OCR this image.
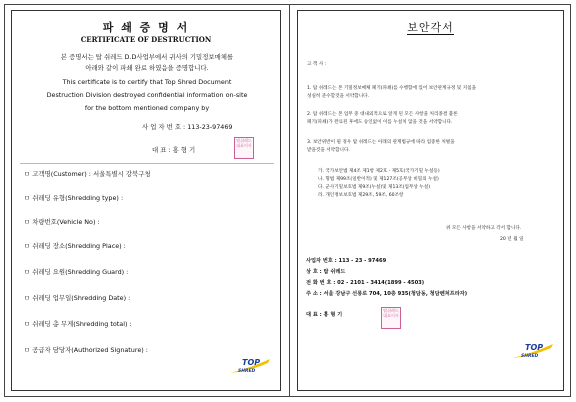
파 쇄 증 명 서
CERTIFICATE OF DESTRUCTION
본 증명서는 탑 쉬레드 D.D사업부에서 귀사의 기밀정보매체를
아래와 같이 파쇄 완료 하였음을 증명합니다.
This certificate is to certify that Top Shred Document
Destruction Division destroyed confidential information on-site
for the bottom mentioned company by
사 업 자 번 호 : 113-23-97469
대 표 : 홍 형 기
탑쉬레드 대표이사
ㅁ 고객명(Customer) : 서울특별시 강북구청
ㅁ 쉬레딩 유형(Shredding type) :
ㅁ 차량번호(Vehicle No) :
ㅁ 쉬레딩 장소(Shredding Place) :
ㅁ 쉬레딩 요원(Shredding Guard) :
ㅁ 쉬레딩 업무일(Shredding Date) :
ㅁ 쉬레딩 총 무게(Shredding total) :
ㅁ 공급자 담당자(Authorized Signature) :
TOP
SHRED
보안각서
고 객 사 :
1. 탑 쉬레드는 본 기밀정보매체 폐기(파쇄)를 수행함에 있어 보안관계규정 및 지침을
성실히 준수할것을 서약합니다.
2. 탑 쉬레드는 본 업무 중 대내외적으로 알게 된 모든 사항을 처리종결 불론
폐기(파쇄)가 완료된 후에도 승인없이 이를 누설치 않을 것을 서약합니다.
3. 보안위반이 될 경우 탑 쉬레드는 아래의 관계법규에 따라 엄중한 처벌을
받을것을 서약합니다.
가. 국가보안법 제4조 제1항 제2호 · 제5호(국가기밀 누설등)
나. 형법 제99조(일반이적) 및 제127조(공무상 비밀의 누설)
다. 군사기밀보호법 제9조(누설)및 제13조(업무상 누설)
라. 개인정보보호법 제29조, 59조, 60조항
위 모든 사항을 서약하고 각서 합니다.
20 년 월 일
사업자 번호 : 113 - 23 - 97469
상 호 : 탑 쉬레드
전 화 번 호 : 02 - 2101 - 3414(1899 - 4503)
주 소 : 서울 강남구 선릉로 704, 10층 935(청담동, 청담벤처프라자)
대 표 : 홍 형 기
탑쉬레드 대표이사
TOP
SHRED
